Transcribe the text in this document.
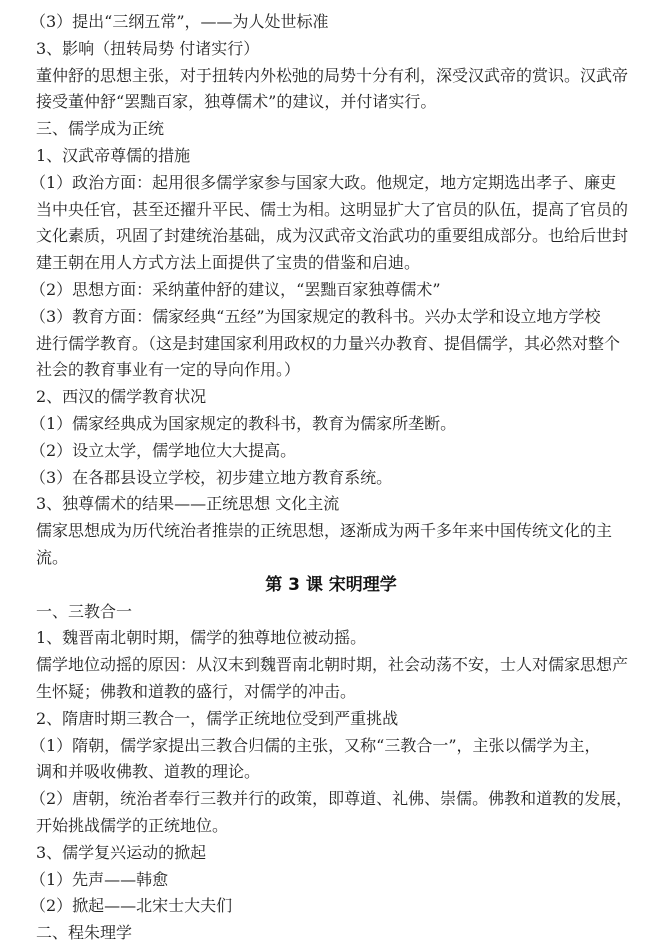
（3）提出“三纲五常”，——为人处世标准
3、影响（扭转局势 付诸实行）
董仲舒的思想主张，对于扭转内外松弛的局势十分有利，深受汉武帝的赏识。汉武帝
接受董仲舒“罢黜百家，独尊儒术”的建议，并付诸实行。
三、儒学成为正统
1、汉武帝尊儒的措施
（1）政治方面：起用很多儒学家参与国家大政。他规定，地方定期选出孝子、廉吏
当中央任官，甚至还擢升平民、儒士为相。这明显扩大了官员的队伍，提高了官员的
文化素质，巩固了封建统治基础，成为汉武帝文治武功的重要组成部分。也给后世封
建王朝在用人方式方法上面提供了宝贵的借鉴和启迪。
（2）思想方面：采纳董仲舒的建议，“罢黜百家独尊儒术”
（3）教育方面：儒家经典“五经”为国家规定的教科书。兴办太学和设立地方学校
进行儒学教育。（这是封建国家利用政权的力量兴办教育、提倡儒学，其必然对整个
社会的教育事业有一定的导向作用。）
2、西汉的儒学教育状况
（1）儒家经典成为国家规定的教科书，教育为儒家所垄断。
（2）设立太学，儒学地位大大提高。
（3）在各郡县设立学校，初步建立地方教育系统。
3、独尊儒术的结果——正统思想 文化主流
儒家思想成为历代统治者推崇的正统思想，逐渐成为两千多年来中国传统文化的主
流。
第 3 课 宋明理学
一、三教合一
1、魏晋南北朝时期，儒学的独尊地位被动摇。
儒学地位动摇的原因：从汉末到魏晋南北朝时期，社会动荡不安，士人对儒家思想产
生怀疑；佛教和道教的盛行，对儒学的冲击。
2、隋唐时期三教合一，儒学正统地位受到严重挑战
（1）隋朝，儒学家提出三教合归儒的主张，又称“三教合一”，主张以儒学为主，
调和并吸收佛教、道教的理论。
（2）唐朝，统治者奉行三教并行的政策，即尊道、礼佛、崇儒。佛教和道教的发展，
开始挑战儒学的正统地位。
3、儒学复兴运动的掀起
（1）先声——韩愈
（2）掀起——北宋士大夫们
二、程朱理学
